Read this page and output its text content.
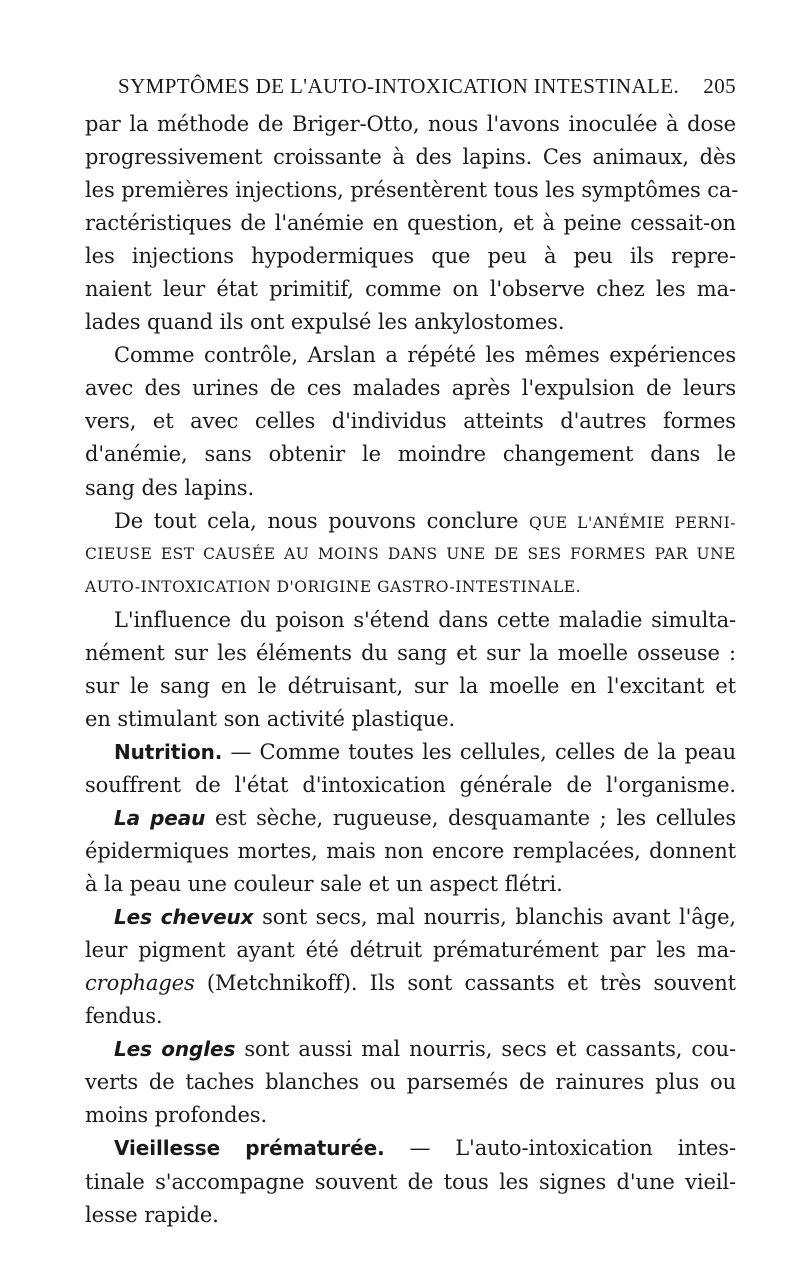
SYMPTÔMES DE L'AUTO-INTOXICATION INTESTINALE. 205
par la méthode de Briger-Otto, nous l'avons inoculée à dose
progressivement croissante à des lapins. Ces animaux, dès
les premières injections, présentèrent tous les symptômes ca-
ractéristiques de l'anémie en question, et à peine cessait-on
les injections hypodermiques que peu à peu ils repre-
naient leur état primitif, comme on l'observe chez les ma-
lades quand ils ont expulsé les ankylostomes.
Comme contrôle, Arslan a répété les mêmes expériences
avec des urines de ces malades après l'expulsion de leurs
vers, et avec celles d'individus atteints d'autres formes
d'anémie, sans obtenir le moindre changement dans le
sang des lapins.
De tout cela, nous pouvons conclure QUE L'ANÉMIE PERNI-
CIEUSE EST CAUSÉE AU MOINS DANS UNE DE SES FORMES PAR UNE
AUTO-INTOXICATION D'ORIGINE GASTRO-INTESTINALE.
L'influence du poison s'étend dans cette maladie simulta-
nément sur les éléments du sang et sur la moelle osseuse :
sur le sang en le détruisant, sur la moelle en l'excitant et
en stimulant son activité plastique.
Nutrition. — Comme toutes les cellules, celles de la peau
souffrent de l'état d'intoxication générale de l'organisme.
La peau est sèche, rugueuse, desquamante ; les cellules
épidermiques mortes, mais non encore remplacées, donnent
à la peau une couleur sale et un aspect flétri.
Les cheveux sont secs, mal nourris, blanchis avant l'âge,
leur pigment ayant été détruit prématurément par les ma-
crophages (Metchnikoff). Ils sont cassants et très souvent
fendus.
Les ongles sont aussi mal nourris, secs et cassants, cou-
verts de taches blanches ou parsemés de rainures plus ou
moins profondes.
Vieillesse prématurée. — L'auto-intoxication intes-
tinale s'accompagne souvent de tous les signes d'une vieil-
lesse rapide.
